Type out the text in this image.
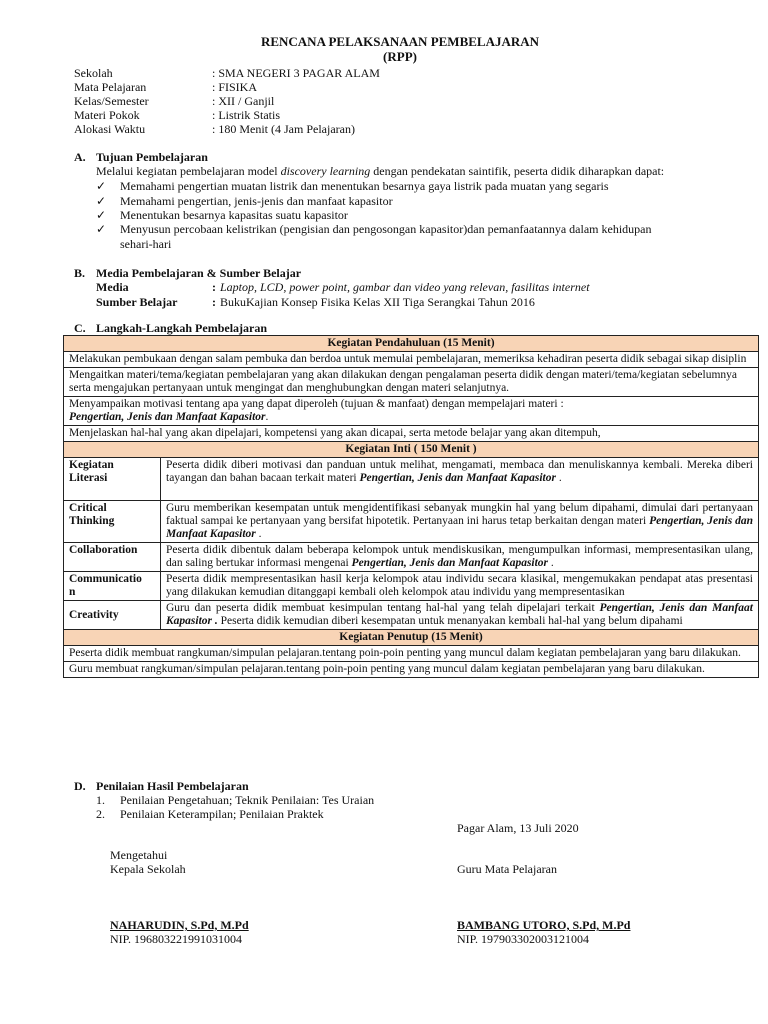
RENCANA PELAKSANAAN PEMBELAJARAN
(RPP)
Sekolah	: SMA NEGERI 3 PAGAR ALAM
Mata Pelajaran	: FISIKA
Kelas/Semester	: XII / Ganjil
Materi Pokok	: Listrik Statis
Alokasi Waktu	: 180 Menit (4 Jam Pelajaran)
A. Tujuan Pembelajaran
Melalui kegiatan pembelajaran model discovery learning dengan pendekatan saintifik, peserta didik diharapkan dapat:
✓	Memahami pengertian muatan listrik dan menentukan besarnya gaya listrik pada muatan yang segaris
✓	Memahami pengertian, jenis-jenis dan manfaat kapasitor
✓	Menentukan besarnya kapasitas suatu kapasitor
✓	Menyusun percobaan kelistrikan (pengisian dan pengosongan kapasitor)dan pemanfaatannya dalam kehidupan
sehari-hari
B. Media Pembelajaran & Sumber Belajar
Media	: Laptop, LCD, power point, gambar dan video yang relevan, fasilitas internet
Sumber Belajar	: BukuKajian Konsep Fisika Kelas XII Tiga Serangkai Tahun 2016
C. Langkah-Langkah Pembelajaran
Kegiatan Pendahuluan (15 Menit)	
Melakukan pembukaan dengan salam pembuka dan berdoa untuk memulai pembelajaran, memeriksa kehadiran peserta didik sebagai sikap disiplin	
Mengaitkan materi/tema/kegiatan pembelajaran yang akan dilakukan dengan pengalaman peserta didik dengan materi/tema/kegiatan sebelumnya serta mengajukan pertanyaan untuk mengingat dan menghubungkan dengan materi selanjutnya.	
Menyampaikan motivasi tentang apa yang dapat diperoleh (tujuan & manfaat) dengan mempelajari materi :
Pengertian, Jenis dan Manfaat Kapasitor.	
Menjelaskan hal-hal yang akan dipelajari, kompetensi yang akan dicapai, serta metode belajar yang akan ditempuh,	
Kegiatan Inti ( 150 Menit )	
Kegiatan
Literasi	Peserta didik diberi motivasi dan panduan untuk melihat, mengamati, membaca dan menuliskannya kembali. Mereka diberi tayangan dan bahan bacaan terkait materi Pengertian, Jenis dan Manfaat Kapasitor .
Critical
Thinking	Guru memberikan kesempatan untuk mengidentifikasi sebanyak mungkin hal yang belum dipahami, dimulai dari pertanyaan faktual sampai ke pertanyaan yang bersifat hipotetik. Pertanyaan ini harus tetap berkaitan dengan materi Pengertian, Jenis dan Manfaat Kapasitor .
Collaboration	Peserta didik dibentuk dalam beberapa kelompok untuk mendiskusikan, mengumpulkan informasi, mempresentasikan ulang, dan saling bertukar informasi mengenai Pengertian, Jenis dan Manfaat Kapasitor .
Communicatio
n	Peserta didik mempresentasikan hasil kerja kelompok atau individu secara klasikal, mengemukakan pendapat atas presentasi yang dilakukan kemudian ditanggapi kembali oleh kelompok atau individu yang mempresentasikan
Creativity	Guru dan peserta didik membuat kesimpulan tentang hal-hal yang telah dipelajari terkait Pengertian, Jenis dan Manfaat Kapasitor . Peserta didik kemudian diberi kesempatan untuk menanyakan kembali hal-hal yang belum dipahami
Kegiatan Penutup (15 Menit)	
Peserta didik membuat rangkuman/simpulan pelajaran.tentang poin-poin penting yang muncul dalam kegiatan pembelajaran yang baru dilakukan.	
Guru membuat rangkuman/simpulan pelajaran.tentang poin-poin penting yang muncul dalam kegiatan pembelajaran yang baru dilakukan.	
D. Penilaian Hasil Pembelajaran
1. Penilaian Pengetahuan; Teknik Penilaian: Tes Uraian
2. Penilaian Keterampilan; Penilaian Praktek
Pagar Alam, 13 Juli 2020
Mengetahui
Kepala Sekolah	Guru Mata Pelajaran
NAHARUDIN, S.Pd, M.Pd
NIP. 196803221991031004
BAMBANG UTORO, S.Pd, M.Pd
NIP. 197903302003121004
